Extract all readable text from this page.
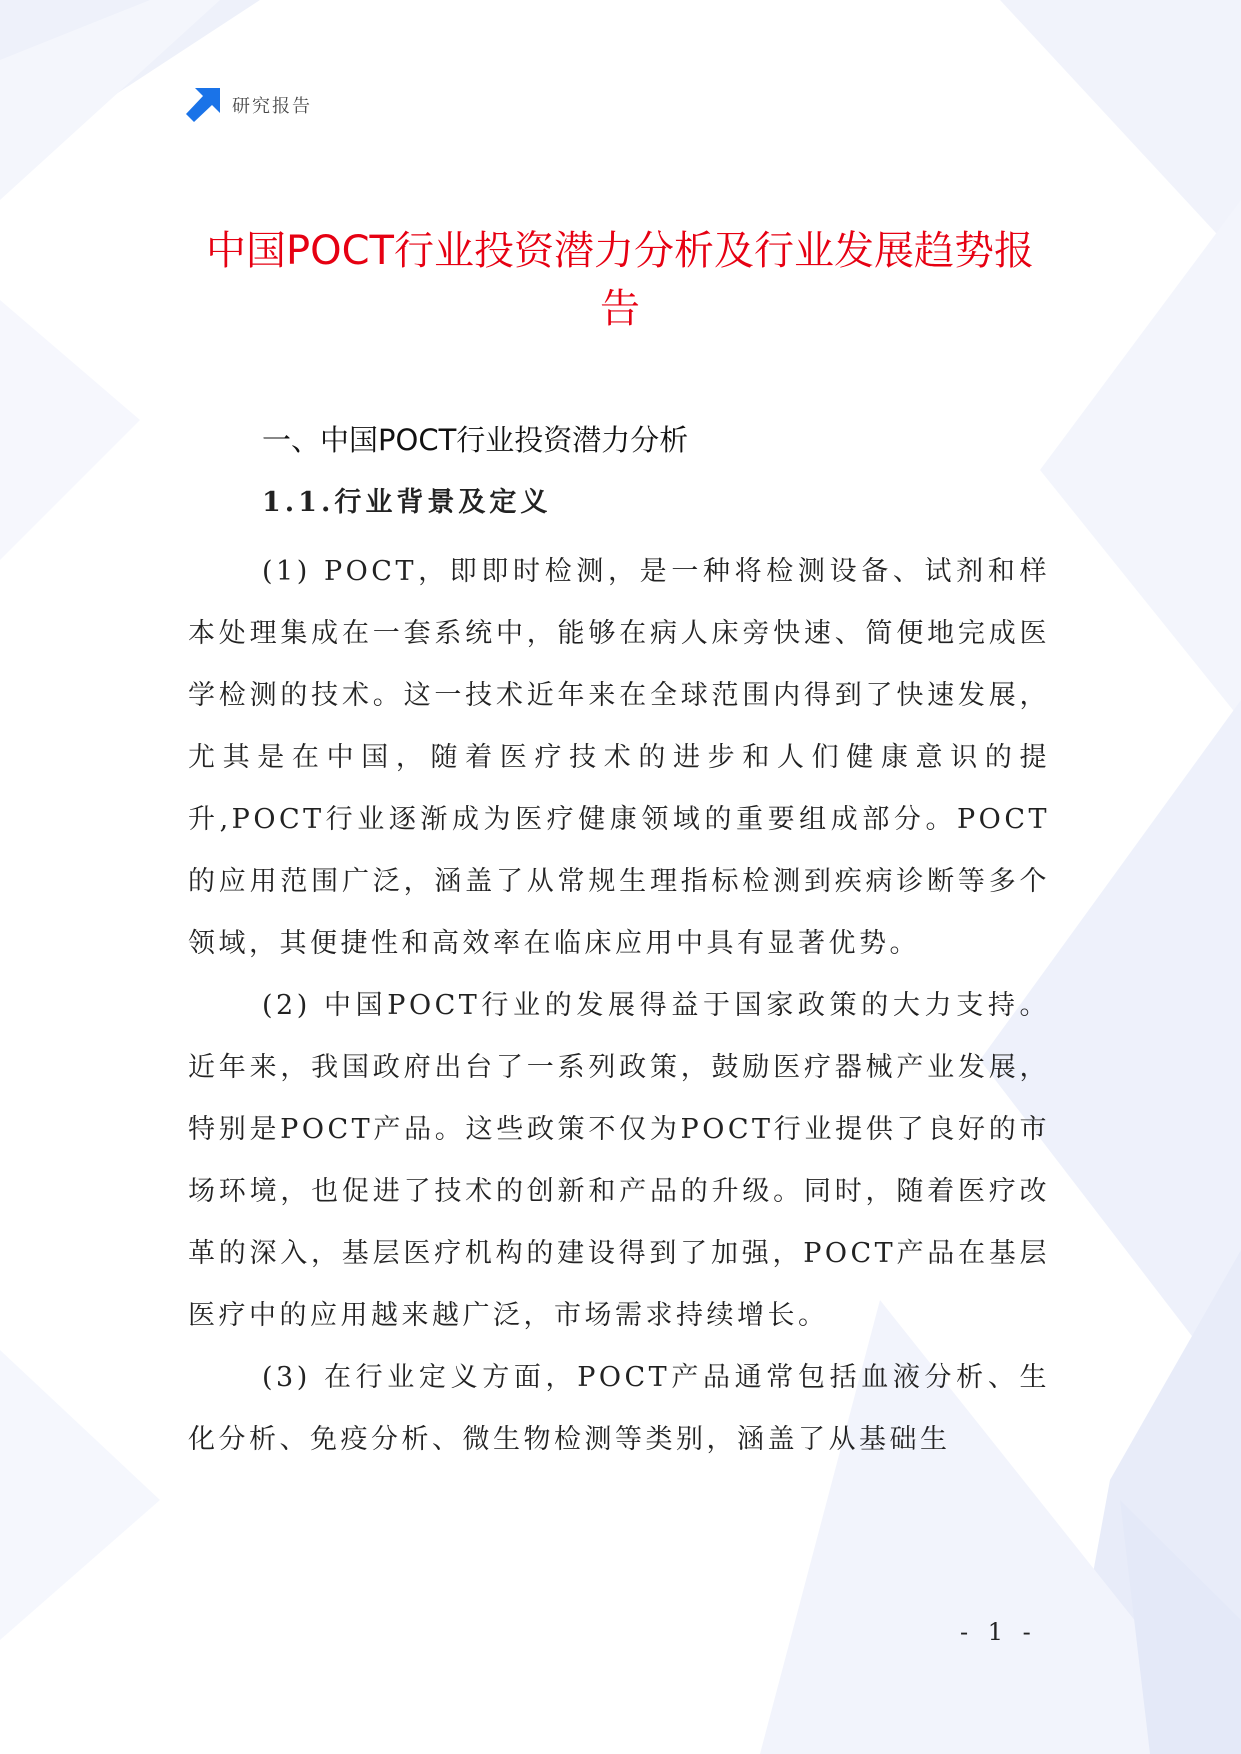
研究报告
中国POCT行业投资潜力分析及行业发展趋势报告
一、中国POCT行业投资潜力分析
1.1.行业背景及定义

(1) POCT，即即时检测，是一种将检测设备、试剂和样本处理集成在一套系统中，能够在病人床旁快速、简便地完成医学检测的技术。这一技术近年来在全球范围内得到了快速发展，尤其是在中国，随着医疗技术的进步和人们健康意识的提升,POCT行业逐渐成为医疗健康领域的重要组成部分。POCT的应用范围广泛，涵盖了从常规生理指标检测到疾病诊断等多个领域，其便捷性和高效率在临床应用中具有显著优势。

(2) 中国POCT行业的发展得益于国家政策的大力支持。近年来，我国政府出台了一系列政策，鼓励医疗器械产业发展，特别是POCT产品。这些政策不仅为POCT行业提供了良好的市场环境，也促进了技术的创新和产品的升级。同时，随着医疗改革的深入，基层医疗机构的建设得到了加强，POCT产品在基层医疗中的应用越来越广泛，市场需求持续增长。

(3) 在行业定义方面，POCT产品通常包括血液分析、生化分析、免疫分析、微生物检测等类别，涵盖了从基础生

- 1 -
